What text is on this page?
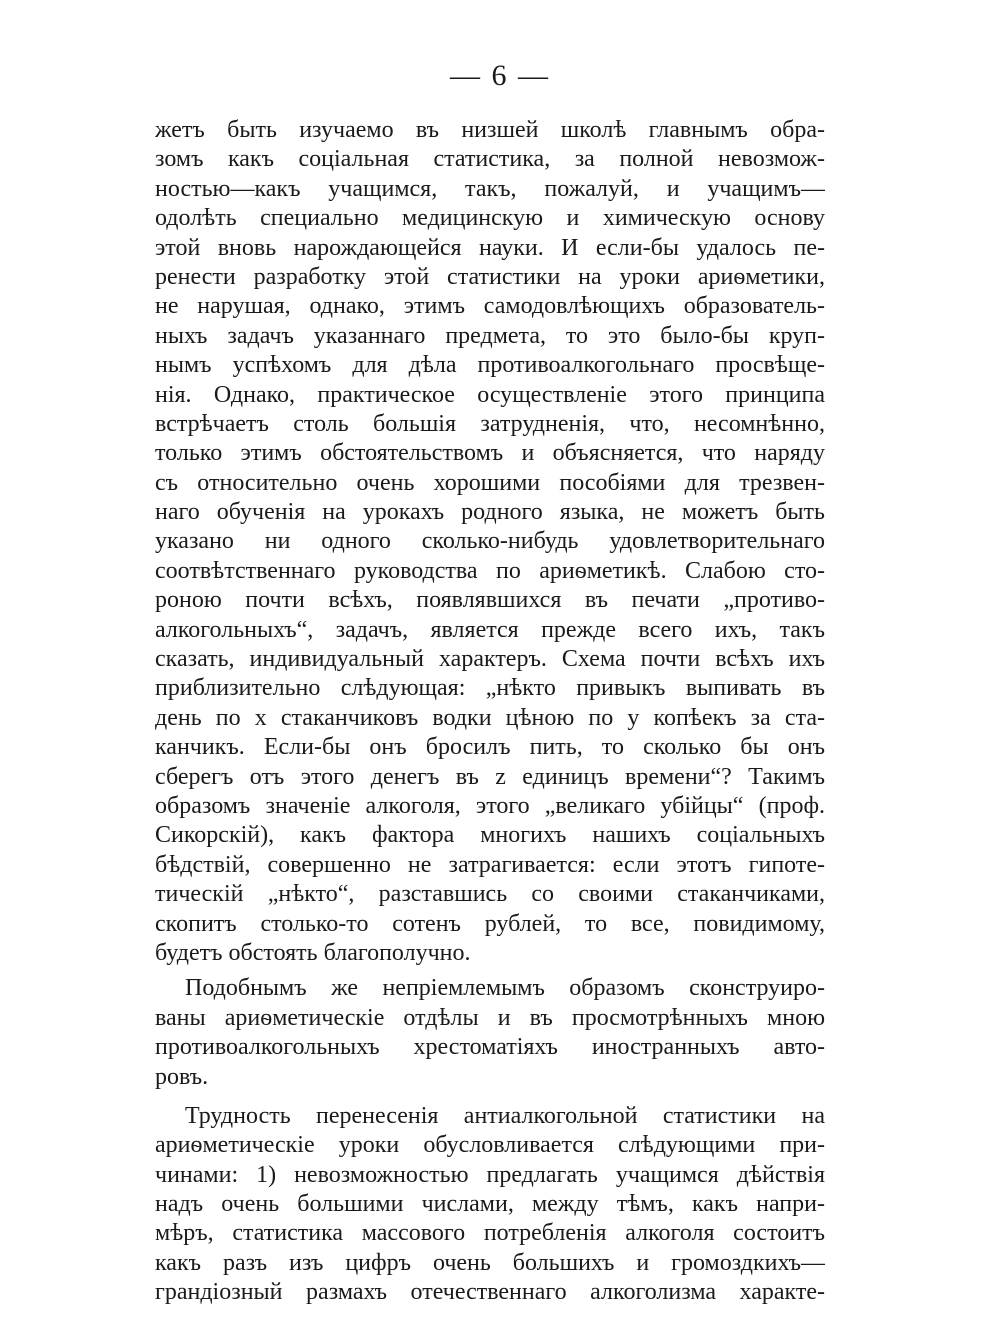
— 6 —
жетъ быть изучаемо въ низшей школѣ главнымъ обра-
зомъ какъ соціальная статистика, за полной невозмож-
ностью—какъ учащимся, такъ, пожалуй, и учащимъ—
одолѣть специально медицинскую и химическую основу
этой вновь нарождающейся науки. И если-бы удалось пе-
ренести разработку этой статистики на уроки ариѳметики,
не нарушая, однако, этимъ самодовлѣющихъ образователь-
ныхъ задачъ указаннаго предмета, то это было-бы круп-
нымъ успѣхомъ для дѣла противоалкогольнаго просвѣще-
нія. Однако, практическое осуществленіе этого принципа
встрѣчаетъ столь большія затрудненія, что, несомнѣнно,
только этимъ обстоятельствомъ и объясняется, что наряду
съ относительно очень хорошими пособіями для трезвен-
наго обученія на урокахъ родного языка, не можетъ быть
указано ни одного сколько-нибудь удовлетворительнаго
соотвѣтственнаго руководства по ариѳметикѣ. Слабою сто-
роною почти всѣхъ, появлявшихся въ печати „противо-
алкогольныхъ“, задачъ, является прежде всего ихъ, такъ
сказать, индивидуальный характеръ. Схема почти всѣхъ ихъ
приблизительно слѣдующая: „нѣкто привыкъ выпивать въ
день по x стаканчиковъ водки цѣною по y копѣекъ за ста-
канчикъ. Если-бы онъ бросилъ пить, то сколько бы онъ
сберегъ отъ этого денегъ въ z единицъ времени“? Такимъ
образомъ значеніе алкоголя, этого „великаго убійцы“ (проф.
Сикорскій), какъ фактора многихъ нашихъ соціальныхъ
бѣдствій, совершенно не затрагивается: если этотъ гипоте-
тическій „нѣкто“, разставшись со своими стаканчиками,
скопитъ столько-то сотенъ рублей, то все, повидимому,
будетъ обстоять благополучно.
Подобнымъ же непріемлемымъ образомъ сконструиро-
ваны ариѳметическіе отдѣлы и въ просмотрѣнныхъ мною
противоалкогольныхъ хрестоматіяхъ иностранныхъ авто-
ровъ.
Трудность перенесенія антиалкогольной статистики на
ариѳметическіе уроки обусловливается слѣдующими при-
чинами: 1) невозможностью предлагать учащимся дѣйствія
надъ очень большими числами, между тѣмъ, какъ напри-
мѣръ, статистика массового потребленія алкоголя состоитъ
какъ разъ изъ цифръ очень большихъ и громоздкихъ—
грандіозный размахъ отечественнаго алкоголизма характе-
